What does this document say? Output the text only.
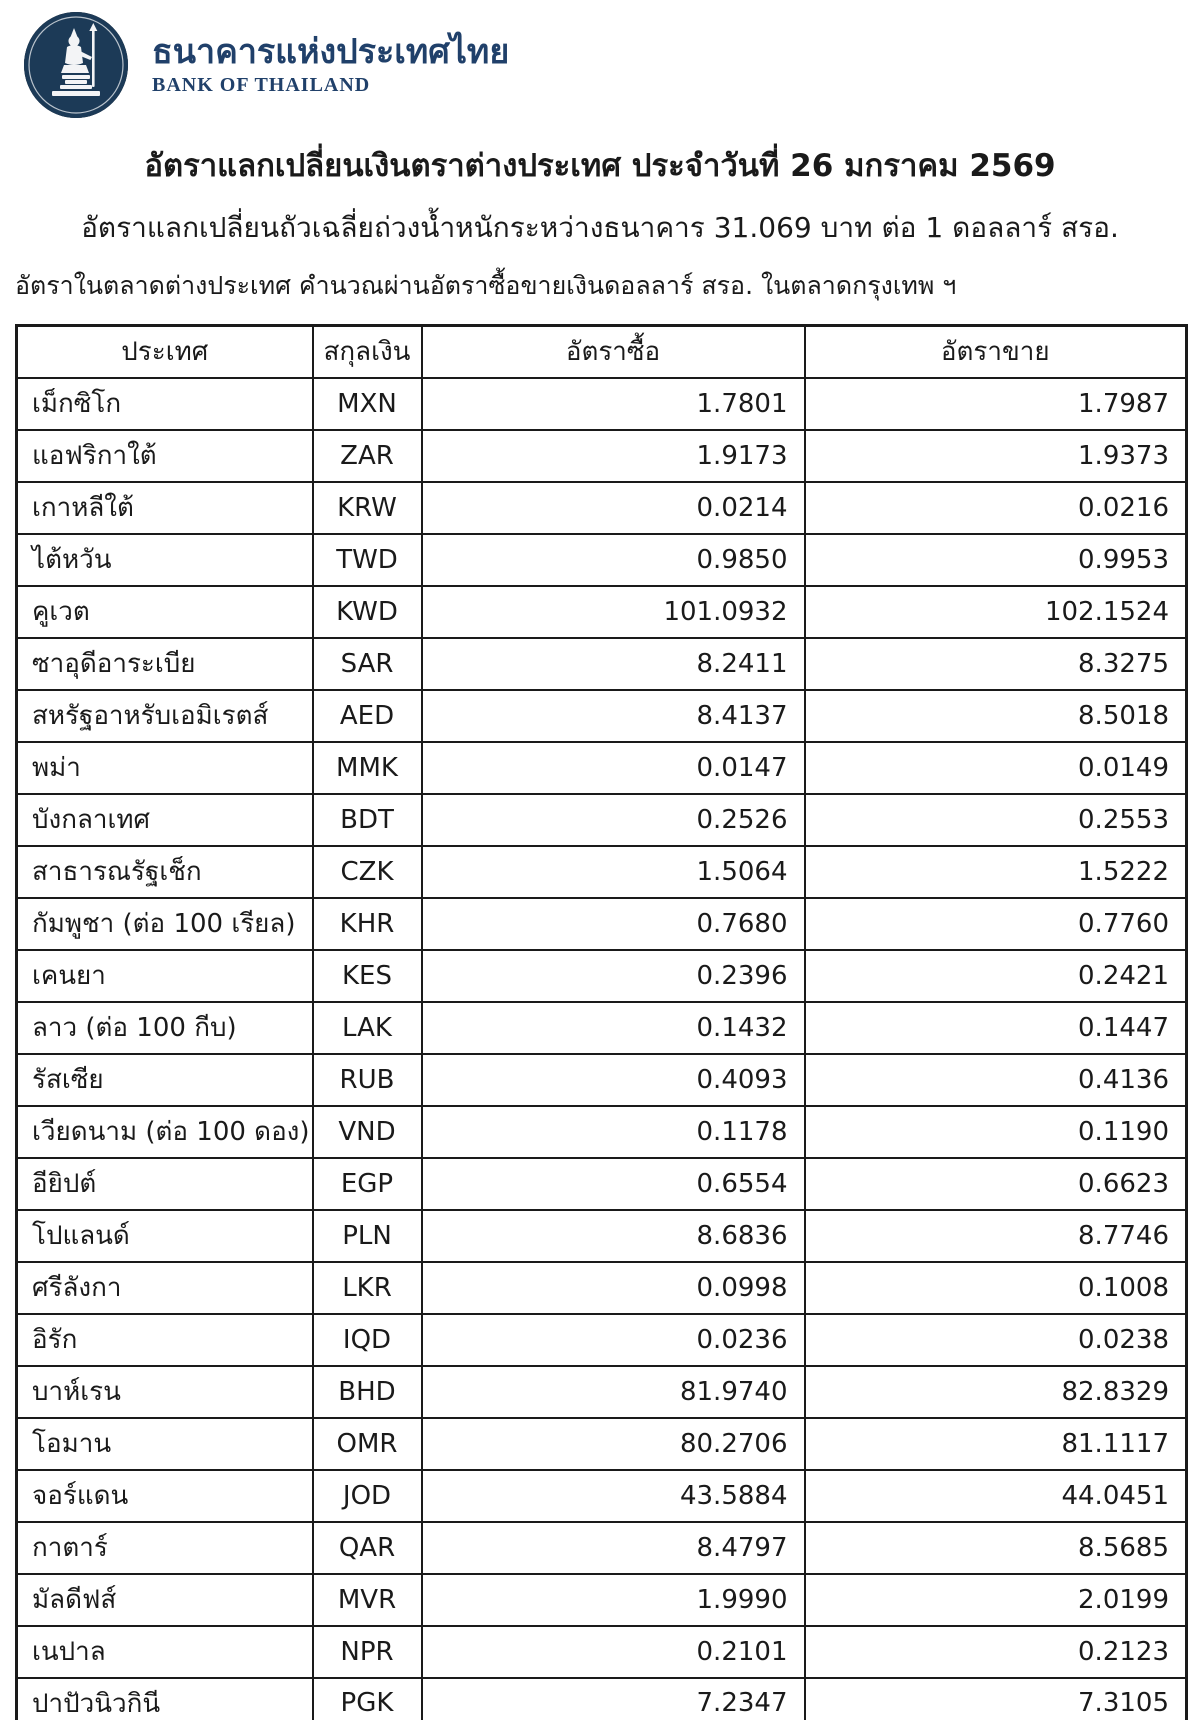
ธนาคารแห่งประเทศไทย
BANK OF THAILAND
อัตราแลกเปลี่ยนเงินตราต่างประเทศ ประจำวันที่ 26 มกราคม 2569
อัตราแลกเปลี่ยนถัวเฉลี่ยถ่วงน้ำหนักระหว่างธนาคาร 31.069 บาท ต่อ 1 ดอลลาร์ สรอ.
อัตราในตลาดต่างประเทศ คำนวณผ่านอัตราซื้อขายเงินดอลลาร์ สรอ. ในตลาดกรุงเทพ ฯ
ประเทศ	สกุลเงิน	อัตราซื้อ	อัตราขาย
เม็กซิโก	MXN	1.7801	1.7987
แอฟริกาใต้	ZAR	1.9173	1.9373
เกาหลีใต้	KRW	0.0214	0.0216
ไต้หวัน	TWD	0.9850	0.9953
คูเวต	KWD	101.0932	102.1524
ซาอุดีอาระเบีย	SAR	8.2411	8.3275
สหรัฐอาหรับเอมิเรตส์	AED	8.4137	8.5018
พม่า	MMK	0.0147	0.0149
บังกลาเทศ	BDT	0.2526	0.2553
สาธารณรัฐเช็ก	CZK	1.5064	1.5222
กัมพูชา (ต่อ 100 เรียล)	KHR	0.7680	0.7760
เคนยา	KES	0.2396	0.2421
ลาว (ต่อ 100 กีบ)	LAK	0.1432	0.1447
รัสเซีย	RUB	0.4093	0.4136
เวียดนาม (ต่อ 100 ดอง)	VND	0.1178	0.1190
อียิปต์	EGP	0.6554	0.6623
โปแลนด์	PLN	8.6836	8.7746
ศรีลังกา	LKR	0.0998	0.1008
อิรัก	IQD	0.0236	0.0238
บาห์เรน	BHD	81.9740	82.8329
โอมาน	OMR	80.2706	81.1117
จอร์แดน	JOD	43.5884	44.0451
กาตาร์	QAR	8.4797	8.5685
มัลดีฟส์	MVR	1.9990	2.0199
เนปาล	NPR	0.2101	0.2123
ปาปัวนิวกินี	PGK	7.2347	7.3105
